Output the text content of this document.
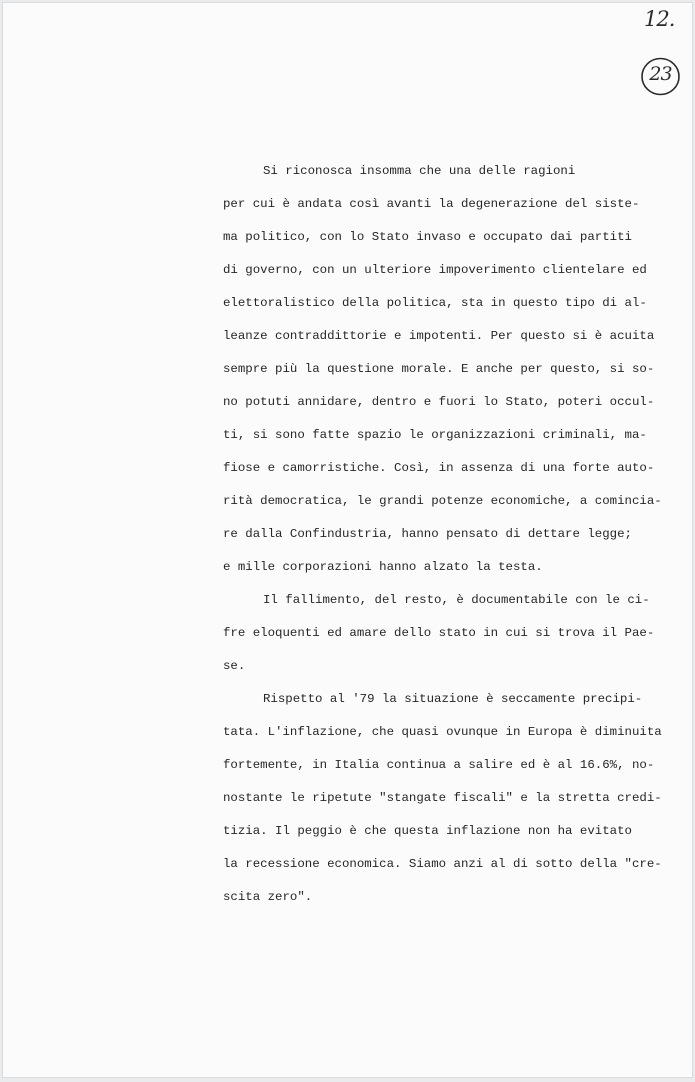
12.
23
Si riconosca insomma che una delle ragioni
per cui è andata così avanti la degenerazione del siste-
ma politico, con lo Stato invaso e occupato dai partiti
di governo, con un ulteriore impoverimento clientelare ed
elettoralistico della politica, sta in questo tipo di al-
leanze contraddittorie e impotenti. Per questo si è acuita
sempre più la questione morale. E anche per questo, si so-
no potuti annidare, dentro e fuori lo Stato, poteri occul-
ti, si sono fatte spazio le organizzazioni criminali, ma-
fiose e camorristiche. Così, in assenza di una forte auto-
rità democratica, le grandi potenze economiche, a comincia-
re dalla Confindustria, hanno pensato di dettare legge;
e mille corporazioni hanno alzato la testa.
Il fallimento, del resto, è documentabile con le ci-
fre eloquenti ed amare dello stato in cui si trova il Pae-
se.
Rispetto al '79 la situazione è seccamente precipi-
tata. L'inflazione, che quasi ovunque in Europa è diminuita
fortemente, in Italia continua a salire ed è al 16.6%, no-
nostante le ripetute "stangate fiscali" e la stretta credi-
tizia. Il peggio è che questa inflazione non ha evitato
la recessione economica. Siamo anzi al di sotto della "cre-
scita zero".
